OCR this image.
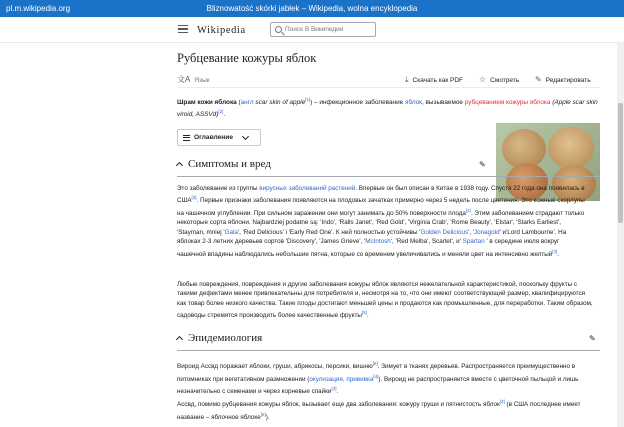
pl.m.wikipedia.org	Bliznowatość skórki jabłek – Wikipedia, wolna encyklopedia
Wikipedia
Поиск В Википедии
Рубцевание кожуры яблок
文A Язык	⤓ Скачать как PDF ☆ Смотреть ✎ Редактировать
Шрам кожи яблока (англ scar skin of apple[1]) – инфекционное заболевание яблок, вызываемое рубцеванием кожуры яблока (Apple scar skin viroid, ASSVd)[2].
Оглавление
Симптомы и вред	✎
Это заболевание из группы вирусных заболеваний растений. Впервые он был описан в Китае в 1938 году. Спустя 22 года она появилась в США[3]. Первые признаки заболевания появляются на плодовых зачатках примерно через 5 недель после цветения. Это кожные скорлупы на чашечном углублении. При сильном заражении они могут занимать до 50% поверхности плода[4]. Этим заболеванием страдают только некоторые сорта яблони. Najbardziej podatne są: 'Indo', 'Ralls Janet', 'Red Gold', 'Virginia Crab', 'Rome Beauty', 'Elstar', 'Starks Earliest', 'Stayman, mniej 'Gala', 'Red Delicious' i 'Early Red One'. К ней полностью устойчивы 'Golden Delicious', 'Jonagold' и'Lord Lambourne'. На яблоках 2-3 летних деревьев сортов 'Discovery', 'James Grieve', 'McIntosh', 'Red Melba', Scarlet', и' Spartan ' в середине июля вокруг чашечной впадины наблюдались небольшие пятна, которые со временем увеличивались и меняли цвет на интенсивно желтый[3].
Любые повреждения, повреждения и другие заболевания кожуры яблок являются нежелательной характеристикой, поскольку фрукты с такими дефектами менее привлекательны для потребителя и, несмотря на то, что они имеют соответствующий размер, квалифицируются как товар более низкого качества. Такие плоды достигают меньшей цены и продаются как промышленные, для переработки. Таким образом, садоводы стремятся производить более качественные фрукты[5].
Эпидемиология	✎
Вироид Ассвд поражает яблоки, груши, абрикосы, персики, вишню[6]. Зимует в тканях деревьев. Распространяется преимущественно в питомниках при вегетативном размножении (окулизация, прививка[4]). Вироид не распространяется вместе с цветочной пыльцой и лишь незначительно с семенами и через корневые спайки[3].
Ассвд, помимо рубцевания кожуры яблок, вызывает еще два заболевания: кожуру груши и пятнистость яблок[3] (в США последнее имеет название – яблочное яблоке[6]).
